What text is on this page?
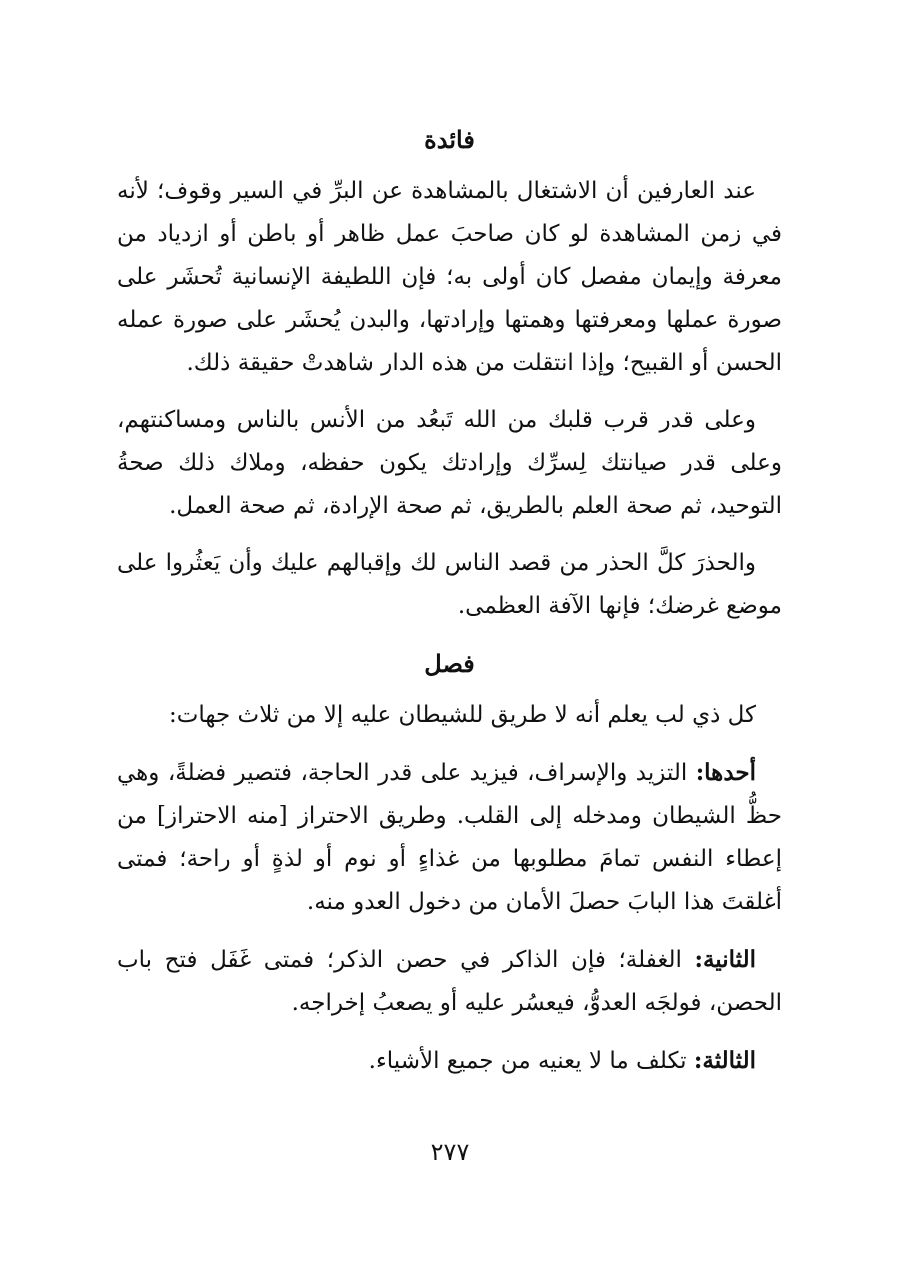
فائدة

عند العارفين أن الاشتغال بالمشاهدة عن البرِّ في السير وقوف؛ لأنه في زمن المشاهدة لو كان صاحبَ عمل ظاهر أو باطن أو ازدياد من معرفة وإيمان مفصل كان أولى به؛ فإن اللطيفة الإنسانية تُحشَر على صورة عملها ومعرفتها وهمتها وإرادتها، والبدن يُحشَر على صورة عمله الحسن أو القبيح؛ وإذا انتقلت من هذه الدار شاهدتْ حقيقة ذلك.

وعلى قدر قرب قلبك من الله تَبعُد من الأنس بالناس ومساكنتهم، وعلى قدر صيانتك لِسرِّك وإرادتك يكون حفظه، وملاك ذلك صحةُ التوحيد، ثم صحة العلم بالطريق، ثم صحة الإرادة، ثم صحة العمل.

والحذرَ كلَّ الحذر من قصد الناس لك وإقبالهم عليك وأن يَعثُروا على موضع غرضك؛ فإنها الآفة العظمى.

فصل

كل ذي لب يعلم أنه لا طريق للشيطان عليه إلا من ثلاث جهات:

أحدها: التزيد والإسراف، فيزيد على قدر الحاجة، فتصير فضلةً، وهي حظُّ الشيطان ومدخله إلى القلب. وطريق الاحتراز [منه الاحتراز] من إعطاء النفس تمامَ مطلوبها من غذاءٍ أو نوم أو لذةٍ أو راحة؛ فمتى أغلقتَ هذا البابَ حصلَ الأمان من دخول العدو منه.

الثانية: الغفلة؛ فإن الذاكر في حصن الذكر؛ فمتى غَفَل فتح باب الحصن، فولجَه العدوُّ، فيعسُر عليه أو يصعبُ إخراجه.

الثالثة: تكلف ما لا يعنيه من جميع الأشياء.

٢٧٧
